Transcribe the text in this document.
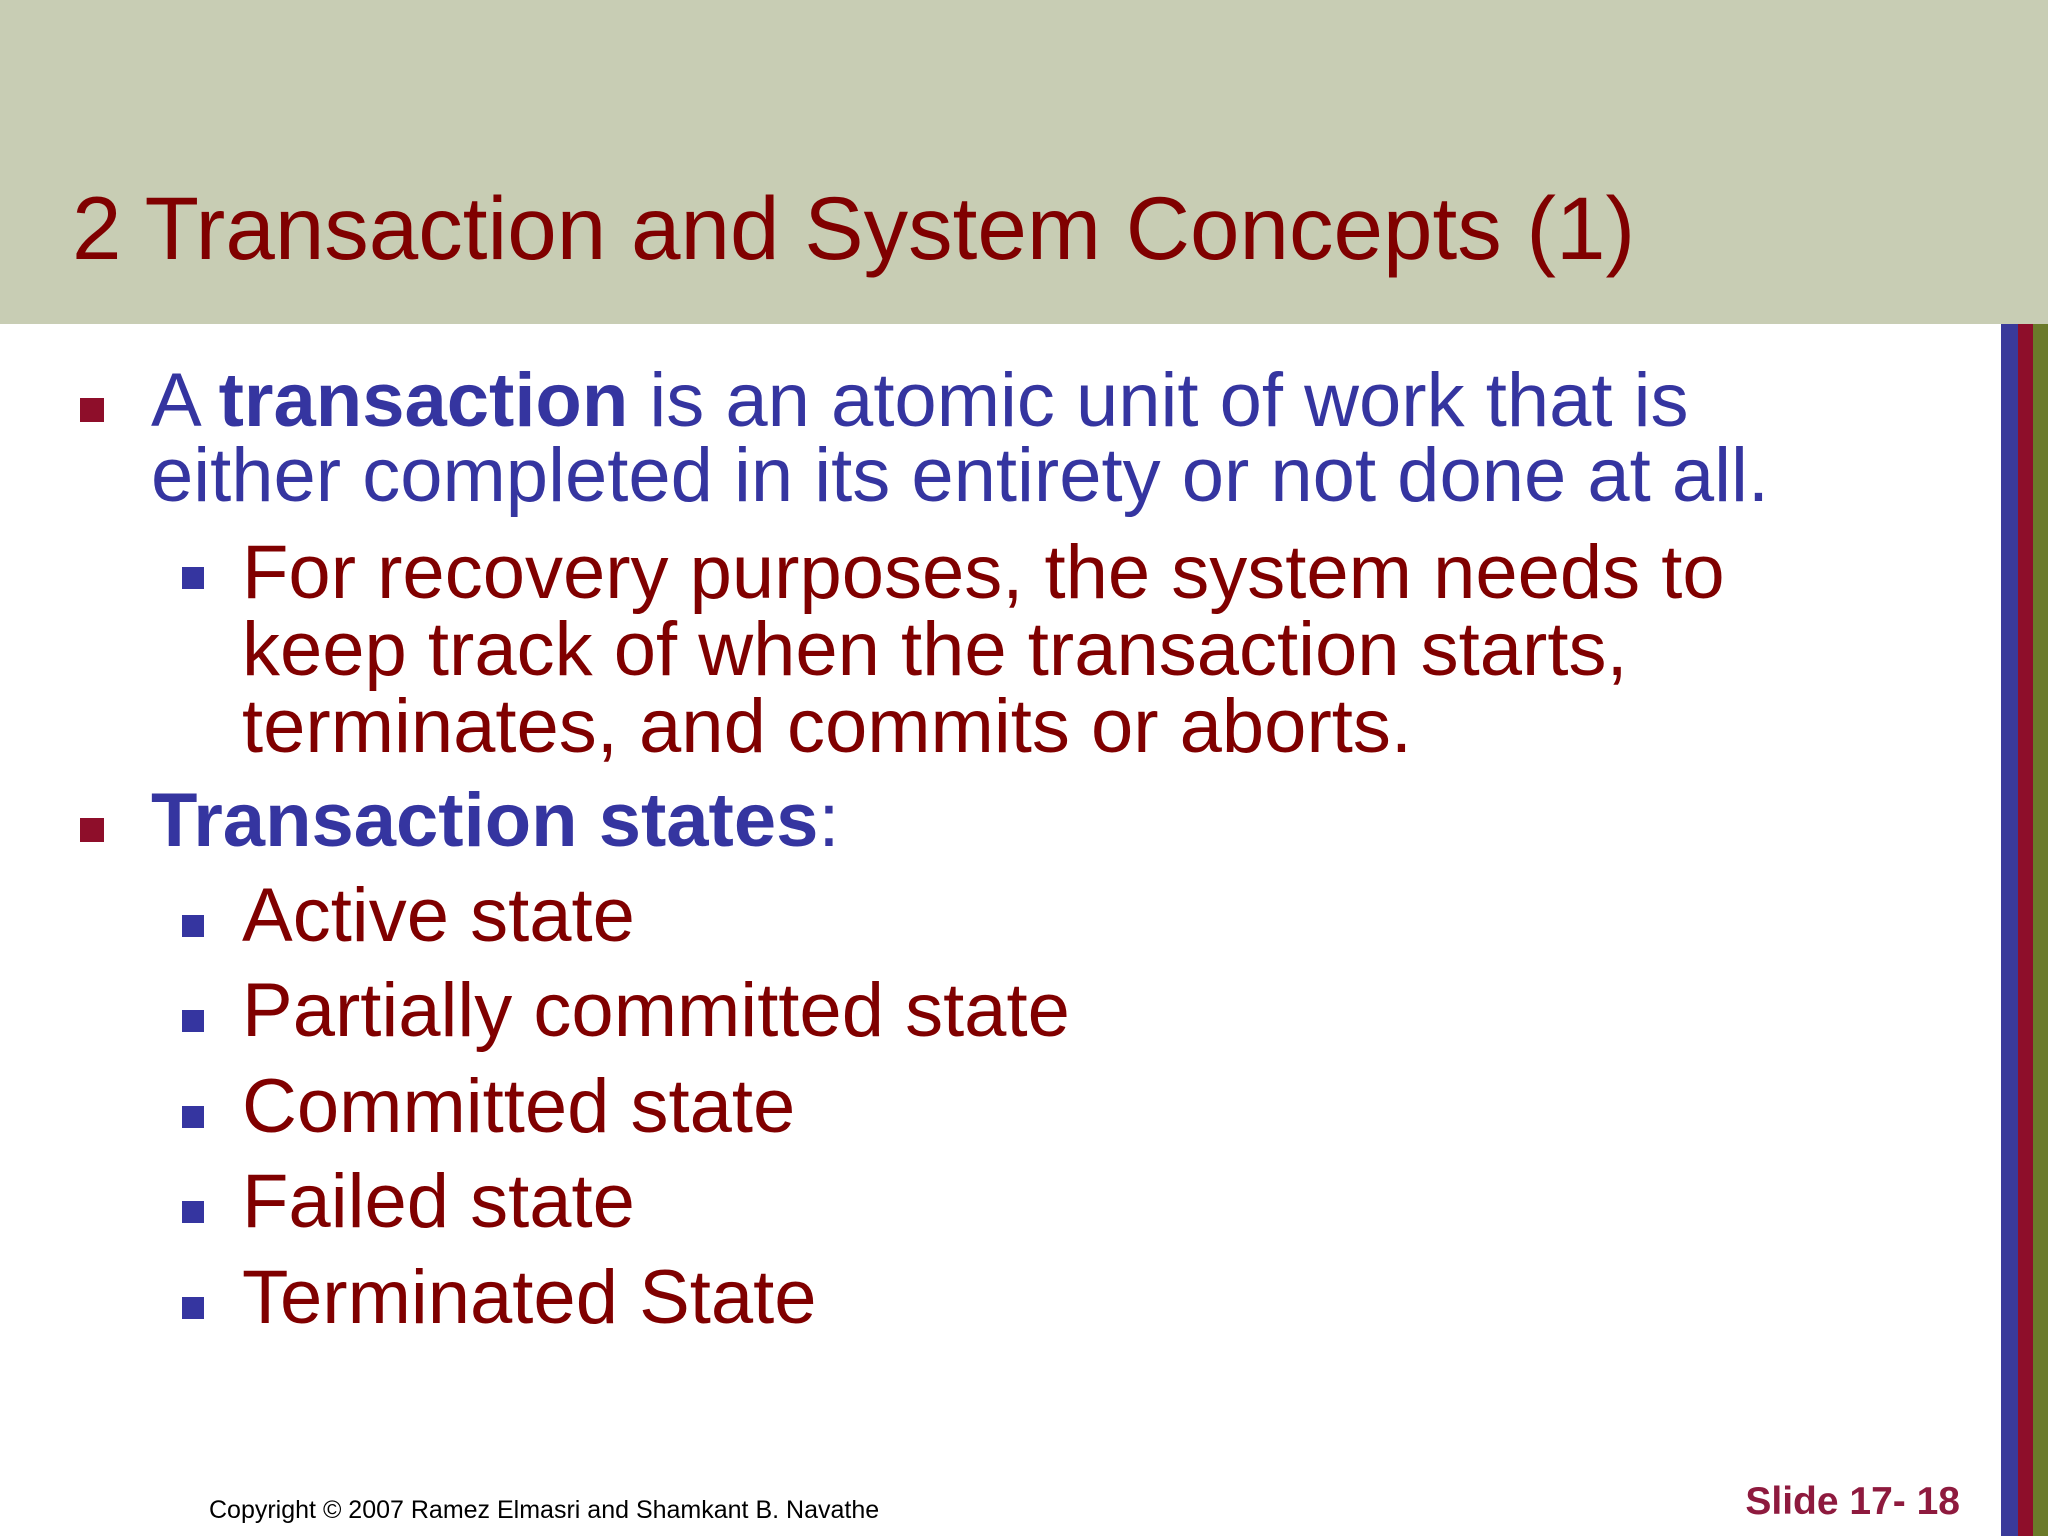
2 Transaction and System Concepts (1)
A transaction is an atomic unit of work that is
either completed in its entirety or not done at all.
For recovery purposes, the system needs to
keep track of when the transaction starts,
terminates, and commits or aborts.
Transaction states:
Active state
Partially committed state
Committed state
Failed state
Terminated State
Copyright © 2007 Ramez Elmasri and Shamkant B. Navathe	Slide 17- 18
